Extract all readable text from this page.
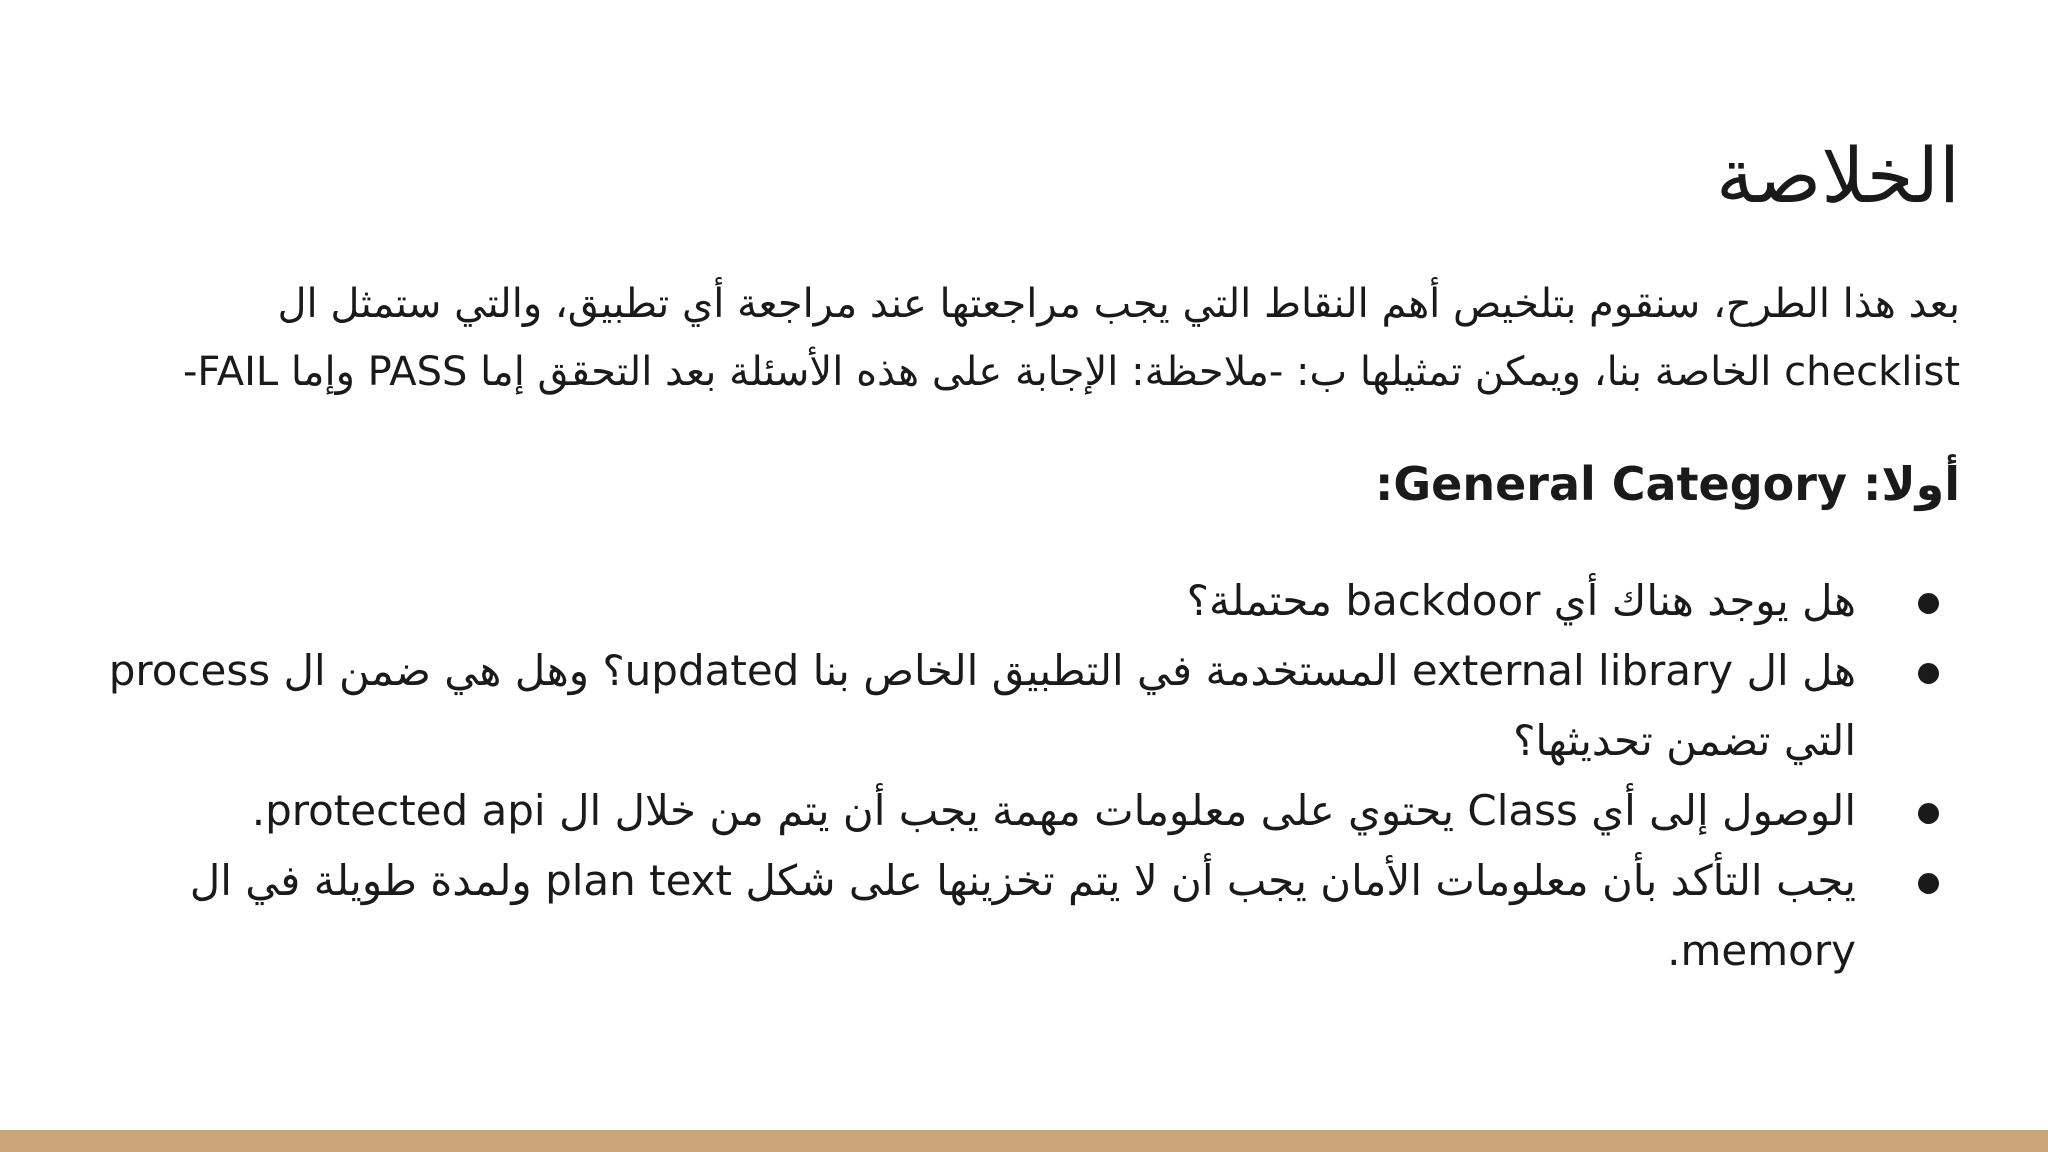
الخلاصة

بعد هذا الطرح، سنقوم بتلخيص أهم النقاط التي يجب مراجعتها عند مراجعة أي تطبيق، والتي ستمثل ال checklist الخاصة بنا، ويمكن تمثيلها ب: -ملاحظة: الإجابة على هذه الأسئلة بعد التحقق إما PASS وإما FAIL-

أولا: General Category:
هل يوجد هناك أي backdoor محتملة؟
هل ال external library المستخدمة في التطبيق الخاص بنا updated؟ وهل هي ضمن ال process التي تضمن تحديثها؟
الوصول إلى أي Class يحتوي على معلومات مهمة يجب أن يتم من خلال ال protected api.
يجب التأكد بأن معلومات الأمان يجب أن لا يتم تخزينها على شكل plan text ولمدة طويلة في ال memory.
